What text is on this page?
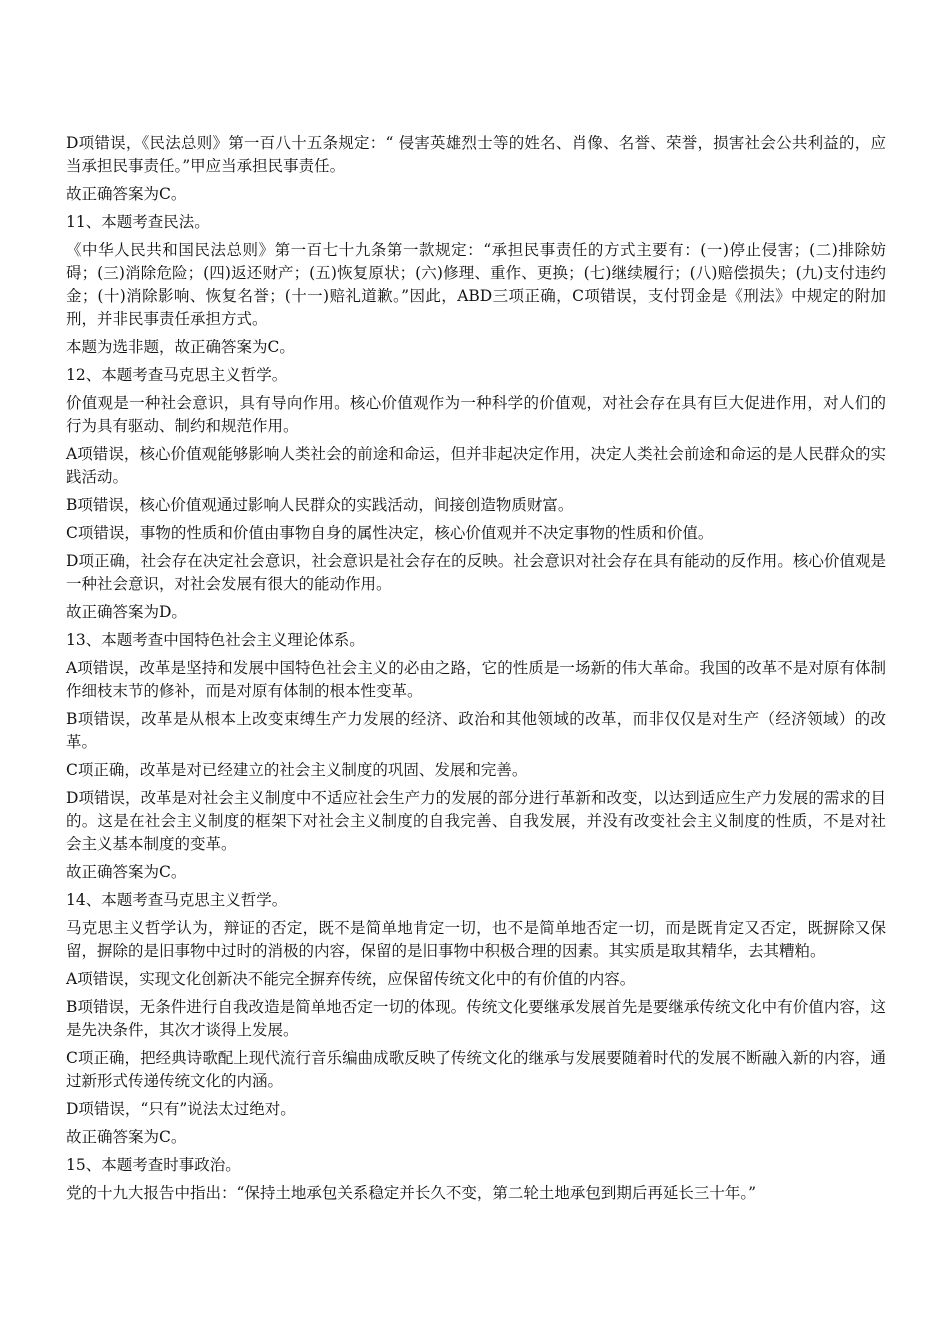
D项错误，《民法总则》第一百八十五条规定：“ 侵害英雄烈士等的姓名、肖像、名誉、荣誉，损害社会公共利益的，应当承担民事责任。”甲应当承担民事责任。

故正确答案为C。

11、本题考查民法。

《中华人民共和国民法总则》第一百七十九条第一款规定：“承担民事责任的方式主要有：(一)停止侵害；(二)排除妨碍；(三)消除危险；(四)返还财产；(五)恢复原状；(六)修理、重作、更换；(七)继续履行；(八)赔偿损失；(九)支付违约金；(十)消除影响、恢复名誉；(十一)赔礼道歉。”因此，ABD三项正确，C项错误，支付罚金是《刑法》中规定的附加刑，并非民事责任承担方式。

本题为选非题，故正确答案为C。

12、本题考查马克思主义哲学。

价值观是一种社会意识，具有导向作用。核心价值观作为一种科学的价值观，对社会存在具有巨大促进作用，对人们的行为具有驱动、制约和规范作用。

A项错误，核心价值观能够影响人类社会的前途和命运，但并非起决定作用，决定人类社会前途和命运的是人民群众的实践活动。

B项错误，核心价值观通过影响人民群众的实践活动，间接创造物质财富。

C项错误，事物的性质和价值由事物自身的属性决定，核心价值观并不决定事物的性质和价值。

D项正确，社会存在决定社会意识，社会意识是社会存在的反映。社会意识对社会存在具有能动的反作用。核心价值观是一种社会意识，对社会发展有很大的能动作用。

故正确答案为D。

13、本题考查中国特色社会主义理论体系。

A项错误，改革是坚持和发展中国特色社会主义的必由之路，它的性质是一场新的伟大革命。我国的改革不是对原有体制作细枝末节的修补，而是对原有体制的根本性变革。

B项错误，改革是从根本上改变束缚生产力发展的经济、政治和其他领域的改革，而非仅仅是对生产（经济领域）的改革。

C项正确，改革是对已经建立的社会主义制度的巩固、发展和完善。

D项错误，改革是对社会主义制度中不适应社会生产力的发展的部分进行革新和改变，以达到适应生产力发展的需求的目的。这是在社会主义制度的框架下对社会主义制度的自我完善、自我发展，并没有改变社会主义制度的性质，不是对社会主义基本制度的变革。

故正确答案为C。

14、本题考查马克思主义哲学。

马克思主义哲学认为，辩证的否定，既不是简单地肯定一切，也不是简单地否定一切，而是既肯定又否定，既摒除又保留，摒除的是旧事物中过时的消极的内容，保留的是旧事物中积极合理的因素。其实质是取其精华，去其糟粕。

A项错误，实现文化创新决不能完全摒弃传统，应保留传统文化中的有价值的内容。

B项错误，无条件进行自我改造是简单地否定一切的体现。传统文化要继承发展首先是要继承传统文化中有价值内容，这是先决条件，其次才谈得上发展。

C项正确，把经典诗歌配上现代流行音乐编曲成歌反映了传统文化的继承与发展要随着时代的发展不断融入新的内容，通过新形式传递传统文化的内涵。

D项错误，“只有”说法太过绝对。

故正确答案为C。

15、本题考查时事政治。

党的十九大报告中指出：“保持土地承包关系稳定并长久不变，第二轮土地承包到期后再延长三十年。”
